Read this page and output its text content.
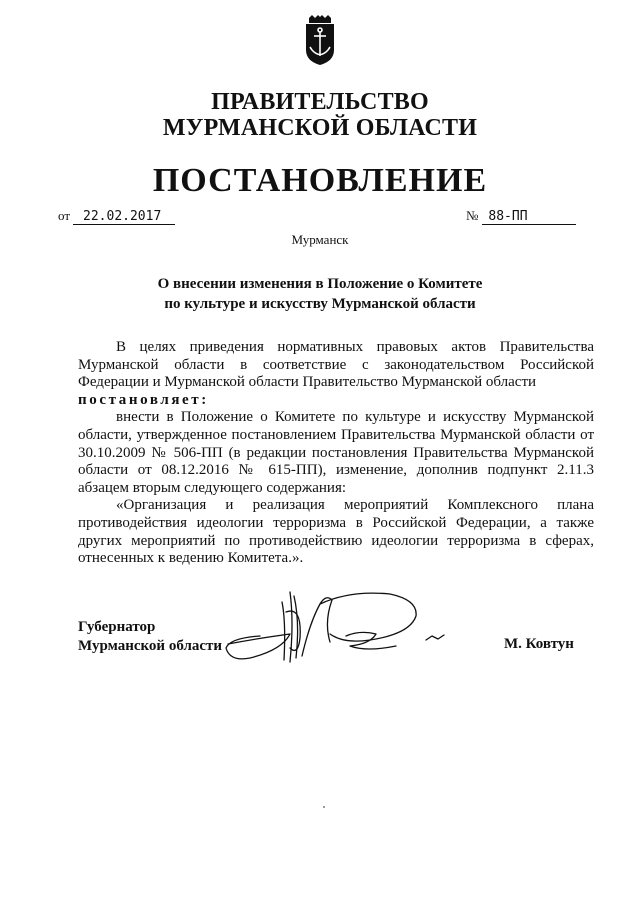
ПРАВИТЕЛЬСТВО
МУРМАНСКОЙ ОБЛАСТИ
ПОСТАНОВЛЕНИЕ
от 22.02.2017	№ 88-ПП
Мурманск
О внесении изменения в Положение о Комитете
по культуре и искусству Мурманской области

В целях приведения нормативных правовых актов Правительства Мурманской области в соответствие с законодательством Российской Федерации и Мурманской области Правительство Мурманской области

постановляет:

внести в Положение о Комитете по культуре и искусству Мурманской области, утвержденное постановлением Правительства Мурманской области от 30.10.2009 № 506-ПП (в редакции постановления Правительства Мурманской области от 08.12.2016 № 615-ПП), изменение, дополнив подпункт 2.11.3 абзацем вторым следующего содержания:

«Организация и реализация мероприятий Комплексного плана противодействия идеологии терроризма в Российской Федерации, а также других мероприятий по противодействию идеологии терроризма в сферах, отнесенных к ведению Комитета.».

Губернатор
Мурманской области	М. Ковтун
